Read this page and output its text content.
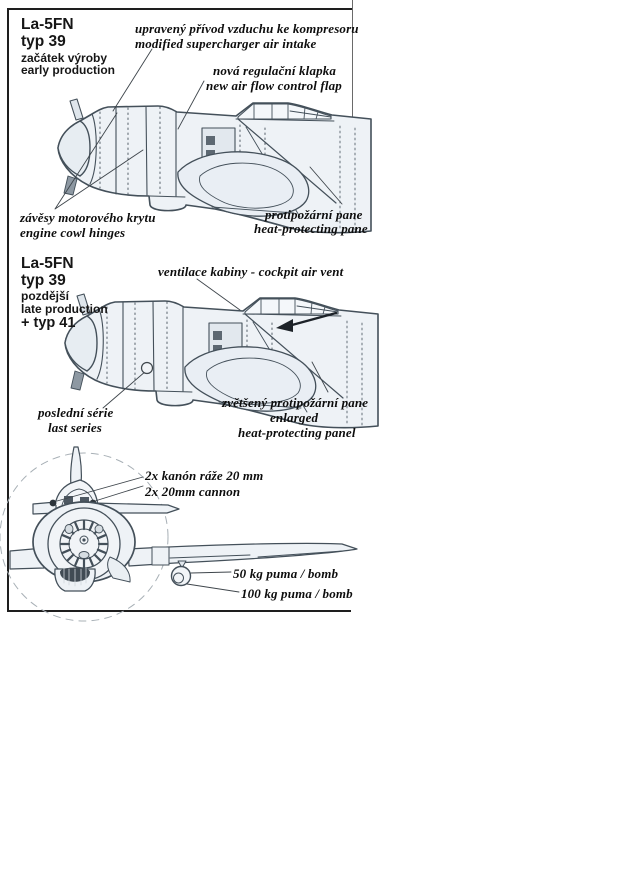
La-5FN
typ 39
začátek výroby
early production
upravený přívod vzduchu ke kompresoru
modified supercharger air intake
nová regulační klapka
new air flow control flap
závěsy motorového krytu
engine cowl hinges
protipožární pane
heat-protecting pane
La-5FN
typ 39
pozdější
late production
+ typ 41
ventilace kabiny - cockpit air vent
poslední série
last series
zvětšený protipožární pane
enlarged
heat-protecting panel
2x kanón ráže 20 mm
2x 20mm cannon
50 kg puma / bomb
100 kg puma / bomb
